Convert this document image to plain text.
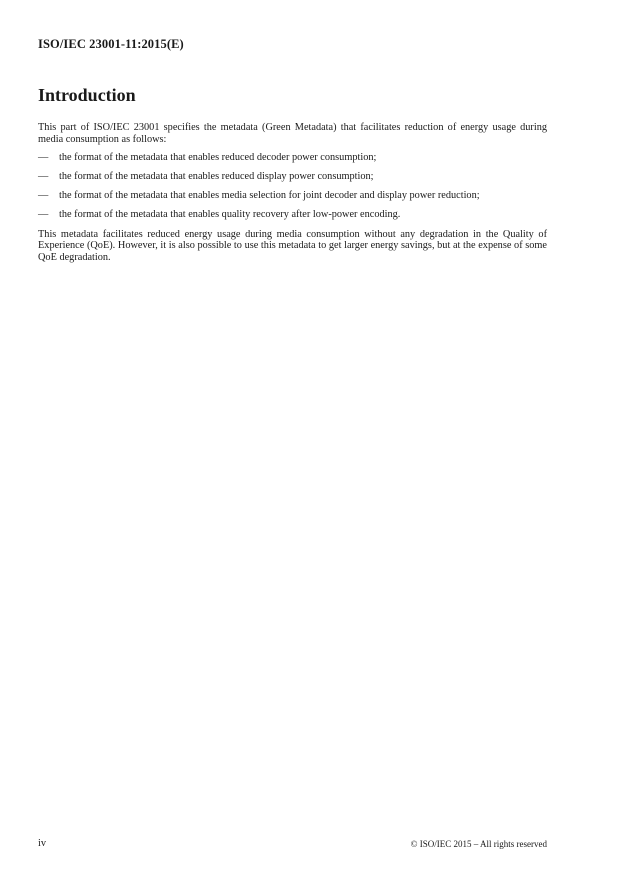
ISO/IEC 23001-11:2015(E)
Introduction

This part of ISO/IEC 23001 specifies the metadata (Green Metadata) that facilitates reduction of energy usage during media consumption as follows:

—	the format of the metadata that enables reduced decoder power consumption;
—	the format of the metadata that enables reduced display power consumption;
—	the format of the metadata that enables media selection for joint decoder and display power reduction;
—	the format of the metadata that enables quality recovery after low-power encoding.

This metadata facilitates reduced energy usage during media consumption without any degradation in the Quality of Experience (QoE). However, it is also possible to use this metadata to get larger energy savings, but at the expense of some QoE degradation.

iv	© ISO/IEC 2015 – All rights reserved
